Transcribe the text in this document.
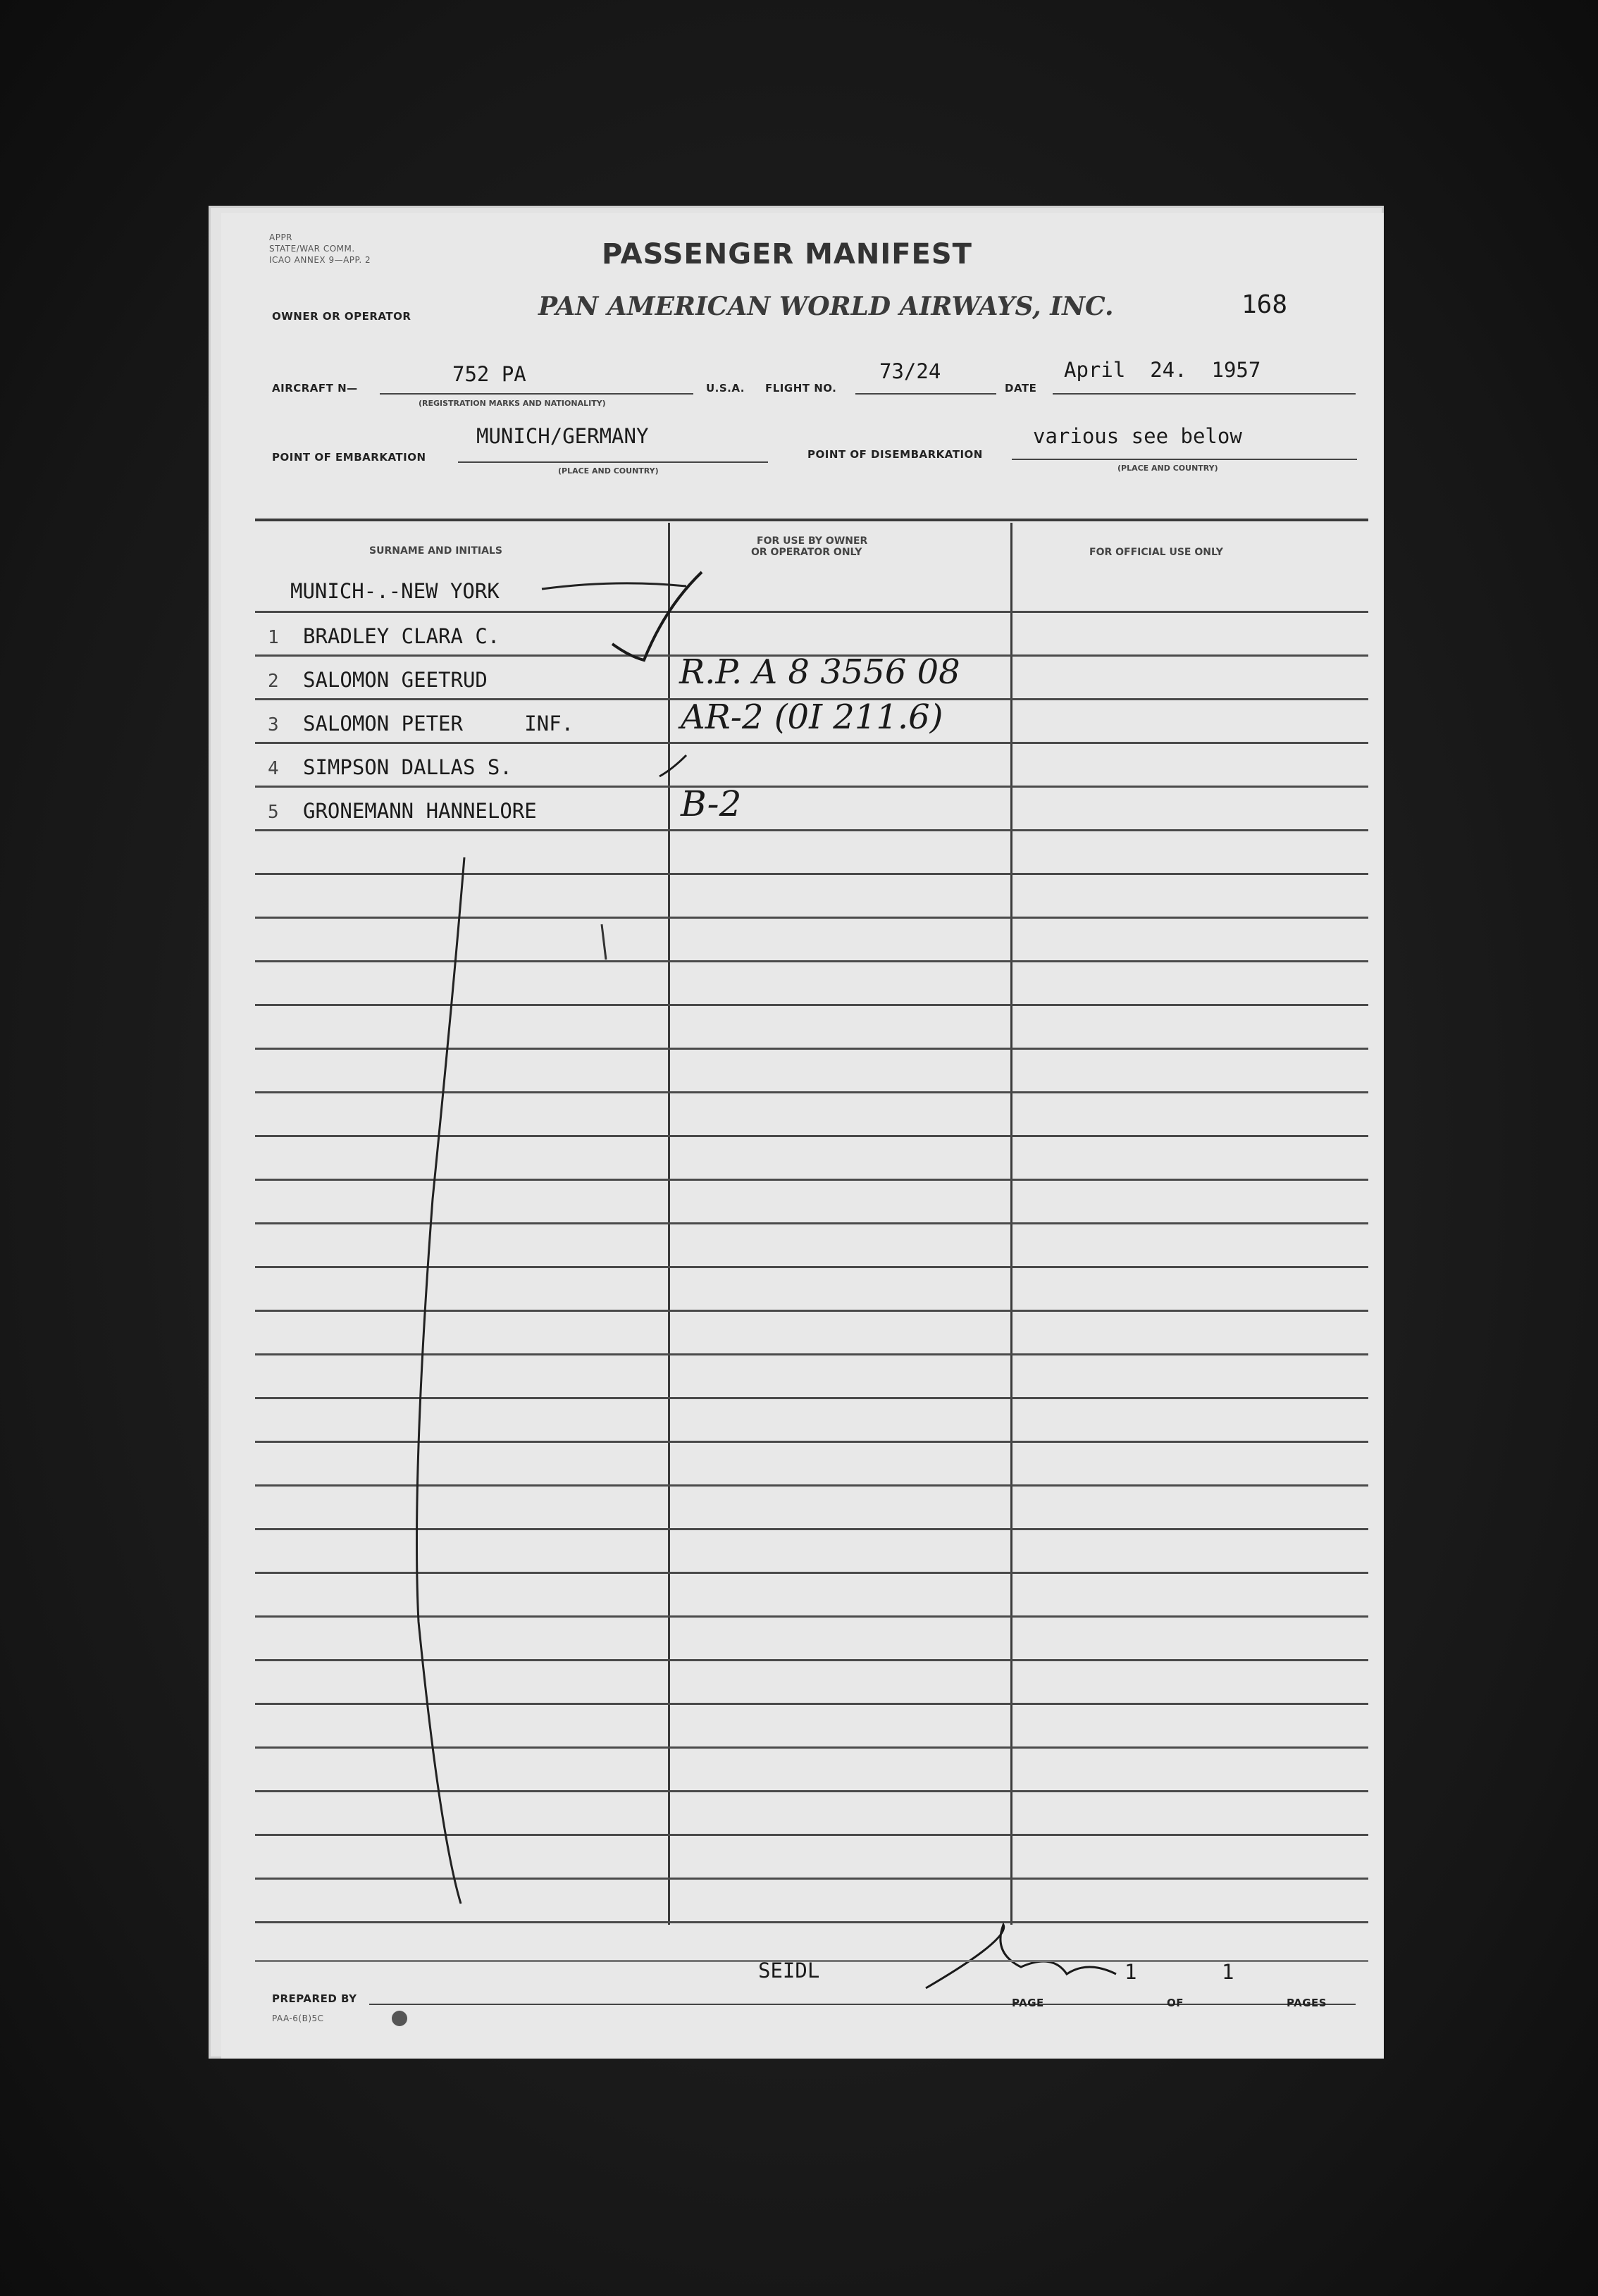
APPR
STATE/WAR COMM.
ICAO ANNEX 9—APP. 2	PASSENGER MANIFEST
OWNER OR OPERATOR	PAN AMERICAN WORLD AIRWAYS, INC.	168
AIRCRAFT N—
752 PA
(REGISTRATION MARKS AND NATIONALITY)
U.S.A. FLIGHT NO.
73/24
DATE
April  24.  1957
POINT OF EMBARKATION
MUNICH/GERMANY
(PLACE AND COUNTRY)
POINT OF DISEMBARKATION
various see below
(PLACE AND COUNTRY)
SURNAME AND INITIALS
FOR USE BY OWNER
OR OPERATOR ONLY	FOR OFFICIAL USE ONLY
MUNICH-.-NEW YORK
1 BRADLEY CLARA C.
2 SALOMON GEETRUD	R.P. A 8 3556 08
3 SALOMON PETER     INF.	AR-2 (0I 211.6)
4 SIMPSON DALLAS S.
5 GRONEMANN HANNELORE	B-2
SEIDL
PREPARED BY	PAGE
1
OF
1
PAGES
PAA-6(B)5C
